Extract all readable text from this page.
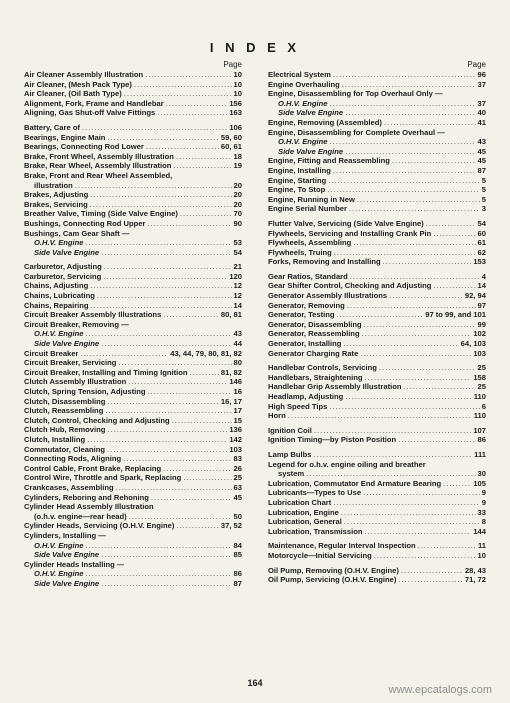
I N D E X
Page
Air Cleaner Assembly Illustration .....	10
Air Cleaner, (Mesh Pack Type) .....	10
Air Cleaner, (Oil Bath Type) .....	10
Alignment, Fork, Frame and Handlebar .....	156
Aligning, Gas Shut-off Valve Fittings .....	163
Battery, Care of .....	106
Bearings, Engine Main .....	59, 60
Bearings, Connecting Rod Lower .....	60, 61
Brake, Front Wheel, Assembly Illustration .....	18
Brake, Rear Wheel, Assembly Illustration .....	19
Brake, Front and Rear Wheel Assembled,
illustration .....	20
Brakes, Adjusting .....	20
Brakes, Servicing .....	20
Breather Valve, Timing (Side Valve Engine) .....	70
Bushings, Connecting Rod Upper .....	90
Bushings, Cam Gear Shaft —
O.H.V. Engine .....	53
Side Valve Engine .....	54
Carburetor, Adjusting .....	21
Carburetor, Servicing .....	120
Chains, Adjusting .....	12
Chains, Lubricating .....	12
Chains, Repairing .....	14
Circuit Breaker Assembly Illustrations .....	80, 81
Circuit Breaker, Removing —
O.H.V. Engine .....	43
Side Valve Engine .....	44
Circuit Breaker .....	43, 44, 79, 80, 81, 82
Circuit Breaker, Servicing .....	80
Circuit Breaker, Installing and Timing Ignition .....	81, 82
Clutch Assembly Illustration .....	146
Clutch, Spring Tension, Adjusting .....	16
Clutch, Disassembling .....	16, 17
Clutch, Reassembling .....	17
Clutch, Control, Checking and Adjusting .....	15
Clutch Hub, Removing .....	136
Clutch, Installing .....	142
Commutator, Cleaning .....	103
Connecting Rods, Aligning .....	83
Control Cable, Front Brake, Replacing .....	26
Control Wire, Throttle and Spark, Replacing .....	25
Crankcases, Assembling .....	63
Cylinders, Reboring and Rehoning .....	45
Cylinder Head Assembly Illustration
(o.h.v. engine—rear head) .....	50
Cylinder Heads, Servicing (O.H.V. Engine) .....	37, 52
Cylinders, Installing —
O.H.V. Engine .....	84
Side Valve Engine .....	85
Cylinder Heads Installing —
O.H.V. Engine .....	86
Side Valve Engine .....	87
Page
Electrical System .....	96
Engine Overhauling .....	37
Engine, Disassembling for Top Overhaul Only —
O.H.V. Engine .....	37
Side Valve Engine .....	40
Engine, Removing (Assembled) .....	41
Engine, Disassembling for Complete Overhaul —
O.H.V. Engine .....	43
Side Valve Engine .....	45
Engine, Fitting and Reassembling .....	45
Engine, Installing .....	87
Engine, Starting .....	5
Engine, To Stop .....	5
Engine, Running in New .....	5
Engine Serial Number .....	3
Flutter Valve, Servicing (Side Valve Engine) .....	54
Flywheels, Servicing and Installing Crank Pin .....	60
Flywheels, Assembling .....	61
Flywheels, Truing .....	62
Forks, Removing and Installing .....	153
Gear Ratios, Standard .....	4
Gear Shifter Control, Checking and Adjusting .....	14
Generator Assembly Illustrations .....	92, 94
Generator, Removing .....	97
Generator, Testing .....	97 to 99, and 101
Generator, Disassembling .....	99
Generator, Reassembling .....	102
Generator, Installing .....	64, 103
Generator Charging Rate .....	103
Handlebar Controls, Servicing .....	25
Handlebars, Straightening .....	158
Handlebar Grip Assembly Illustration .....	25
Headlamp, Adjusting .....	110
High Speed Tips .....	6
Horn .....	110
Ignition Coil .....	107
Ignition Timing—by Piston Position .....	86
Lamp Bulbs .....	111
Legend for o.h.v. engine oiling and breather
system .....	30
Lubrication, Commutator End Armature Bearing .....	105
Lubricants—Types to Use .....	9
Lubrication Chart .....	9
Lubrication, Engine .....	33
Lubrication, General .....	8
Lubrication, Transmission .....	144
Maintenance, Regular Interval Inspection .....	11
Motorcycle—Initial Servicing .....	10
Oil Pump, Removing (O.H.V. Engine) .....	28, 43
Oil Pump, Servicing (O.H.V. Engine) .....	71, 72
164
www.epcatalogs.com
